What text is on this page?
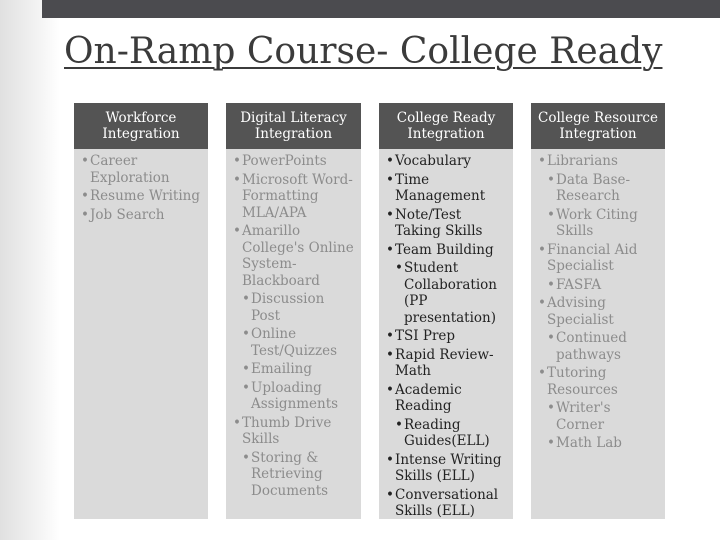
On-Ramp Course- College Ready
Workforce Integration
• Career Exploration
• Resume Writing
• Job Search
Digital Literacy Integration
• PowerPoints
• Microsoft Word- Formatting MLA/APA
• Amarillo College's Online System- Blackboard
• Discussion Post
• Online Test/Quizzes
• Emailing
• Uploading Assignments
• Thumb Drive Skills
• Storing & Retrieving Documents
College Ready Integration
• Vocabulary
• Time Management
• Note/Test Taking Skills
• Team Building
• Student Collaboration (PP presentation)
• TSI Prep
• Rapid Review- Math
• Academic Reading
• Reading Guides(ELL)
• Intense Writing Skills (ELL)
• Conversational Skills (ELL)
College Resource Integration
• Librarians
• Data Base- Research
• Work Citing Skills
• Financial Aid Specialist
• FASFA
• Advising Specialist
• Continued pathways
• Tutoring Resources
• Writer's Corner
• Math Lab
